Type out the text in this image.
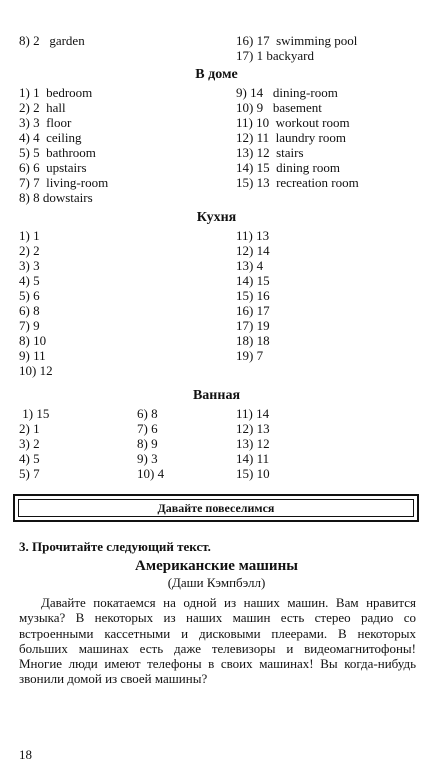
8) 2   garden	16) 17  swimming pool
17) 1 backyard
В доме
1) 1  bedroom
2) 2  hall
3) 3  floor
4) 4  ceiling
5) 5  bathroom
6) 6  upstairs
7) 7  living-room
8) 8 dowstairs
9) 14   dining-room
10) 9   basement
11) 10  workout room
12) 11  laundry room
13) 12  stairs
14) 15  dining room
15) 13  recreation room
Кухня
1) 1
2) 2
3) 3
4) 5
5) 6
6) 8
7) 9
8) 10
9) 11
10) 12
11) 13
12) 14
13) 4
14) 15
15) 16
16) 17
17) 19
18) 18
19) 7
Ванная
1) 15
2) 1
3) 2
4) 5
5) 7
6) 8
7) 6
8) 9
9) 3
10) 4
11) 14
12) 13
13) 12
14) 11
15) 10
Давайте повеселимся
3. Прочитайте следующий текст.
Американские машины
(Даши Кэмпбэлл)
Давайте покатаемся на одной из наших машин. Вам нравится музыка? В некоторых из наших машин есть стерео радио со встроенными кассетными и дисковыми плеерами. В некоторых больших машинах есть даже телевизоры и видеомагнитофоны! Многие люди имеют телефоны в своих машинах! Вы когда-нибудь звонили домой из своей машины?
18
